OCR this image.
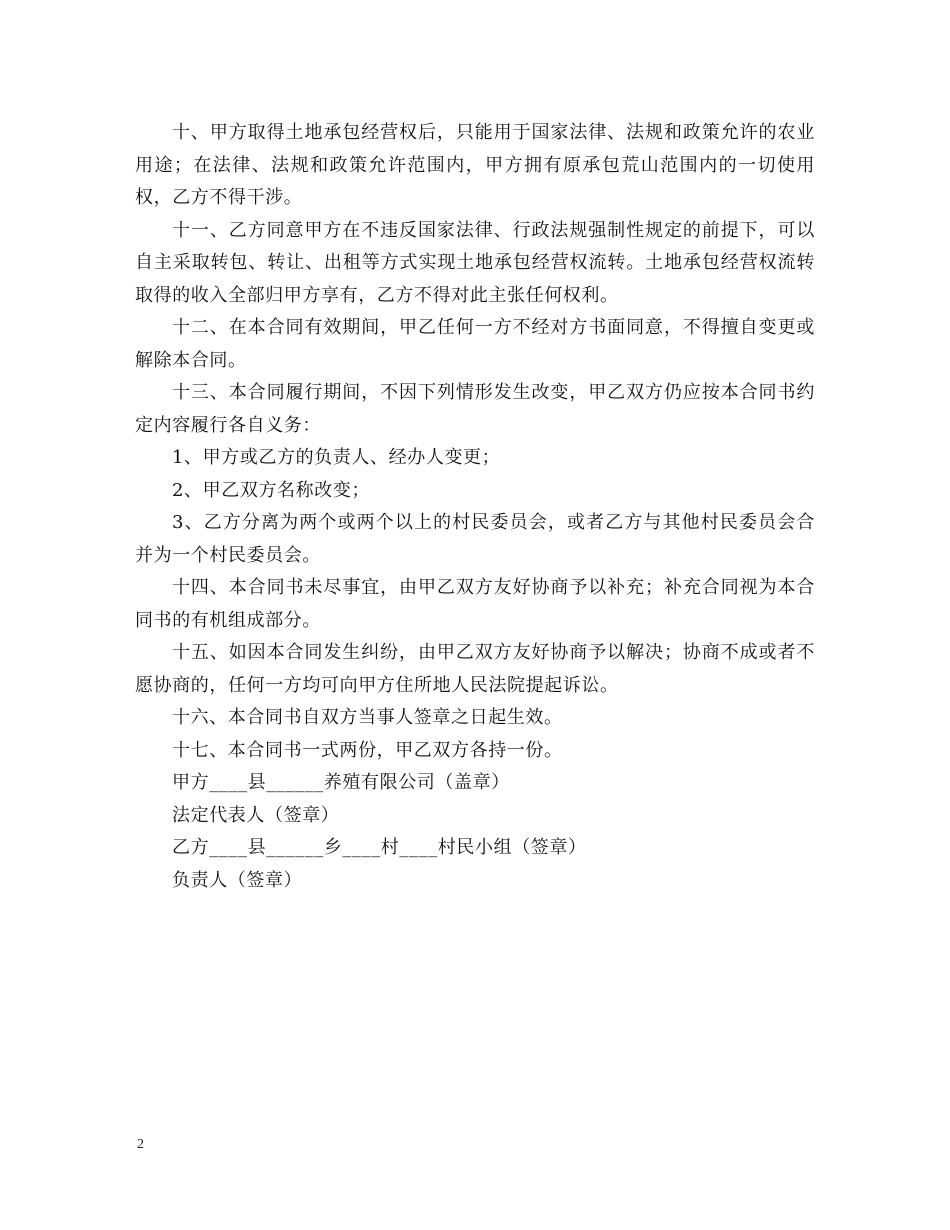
十、甲方取得土地承包经营权后，只能用于国家法律、法规和政策允许的农业用途；在法律、法规和政策允许范围内，甲方拥有原承包荒山范围内的一切使用权，乙方不得干涉。

十一、乙方同意甲方在不违反国家法律、行政法规强制性规定的前提下，可以自主采取转包、转让、出租等方式实现土地承包经营权流转。土地承包经营权流转取得的收入全部归甲方享有，乙方不得对此主张任何权利。

十二、在本合同有效期间，甲乙任何一方不经对方书面同意，不得擅自变更或解除本合同。

十三、本合同履行期间，不因下列情形发生改变，甲乙双方仍应按本合同书约定内容履行各自义务：

1、甲方或乙方的负责人、经办人变更；

2、甲乙双方名称改变；

3、乙方分离为两个或两个以上的村民委员会，或者乙方与其他村民委员会合并为一个村民委员会。

十四、本合同书未尽事宜，由甲乙双方友好协商予以补充；补充合同视为本合同书的有机组成部分。

十五、如因本合同发生纠纷，由甲乙双方友好协商予以解决；协商不成或者不愿协商的，任何一方均可向甲方住所地人民法院提起诉讼。

十六、本合同书自双方当事人签章之日起生效。

十七、本合同书一式两份，甲乙双方各持一份。

甲方____县______养殖有限公司（盖章）

法定代表人（签章）

乙方____县______乡____村____村民小组（签章）

负责人（签章）

2
